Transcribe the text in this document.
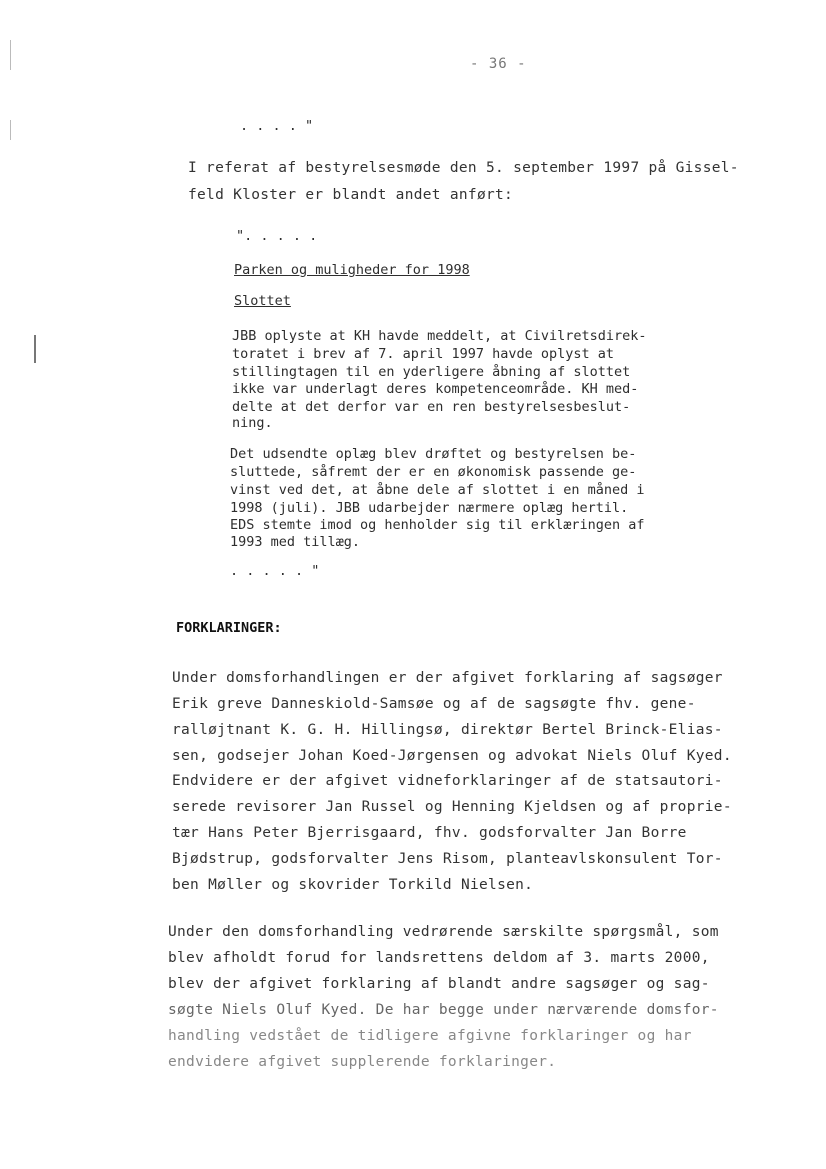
- 36 -
. . . . "
I referat af bestyrelsesmøde den 5. september 1997 på Gissel-
feld Kloster er blandt andet anført:
". . . . .
Parken og muligheder for 1998
Slottet
JBB oplyste at KH havde meddelt, at Civilretsdirek-
toratet i brev af 7. april 1997 havde oplyst at
stillingtagen til en yderligere åbning af slottet
ikke var underlagt deres kompetenceområde. KH med-
delte at det derfor var en ren bestyrelsesbeslut-
ning.
Det udsendte oplæg blev drøftet og bestyrelsen be-
sluttede, såfremt der er en økonomisk passende ge-
vinst ved det, at åbne dele af slottet i en måned i
1998 (juli). JBB udarbejder nærmere oplæg hertil.
EDS stemte imod og henholder sig til erklæringen af
1993 med tillæg.
. . . . . "
FORKLARINGER:
Under domsforhandlingen er der afgivet forklaring af sagsøger
Erik greve Danneskiold-Samsøe og af de sagsøgte fhv. gene-
ralløjtnant K. G. H. Hillingsø, direktør Bertel Brinck-Elias-
sen, godsejer Johan Koed-Jørgensen og advokat Niels Oluf Kyed.
Endvidere er der afgivet vidneforklaringer af de statsautori-
serede revisorer Jan Russel og Henning Kjeldsen og af proprie-
tær Hans Peter Bjerrisgaard, fhv. godsforvalter Jan Borre
Bjødstrup, godsforvalter Jens Risom, planteavlskonsulent Tor-
ben Møller og skovrider Torkild Nielsen.
Under den domsforhandling vedrørende særskilte spørgsmål, som
blev afholdt forud for landsrettens deldom af 3. marts 2000,
blev der afgivet forklaring af blandt andre sagsøger og sag-
søgte Niels Oluf Kyed. De har begge under nærværende domsfor-
handling vedstået de tidligere afgivne forklaringer og har
endvidere afgivet supplerende forklaringer.
